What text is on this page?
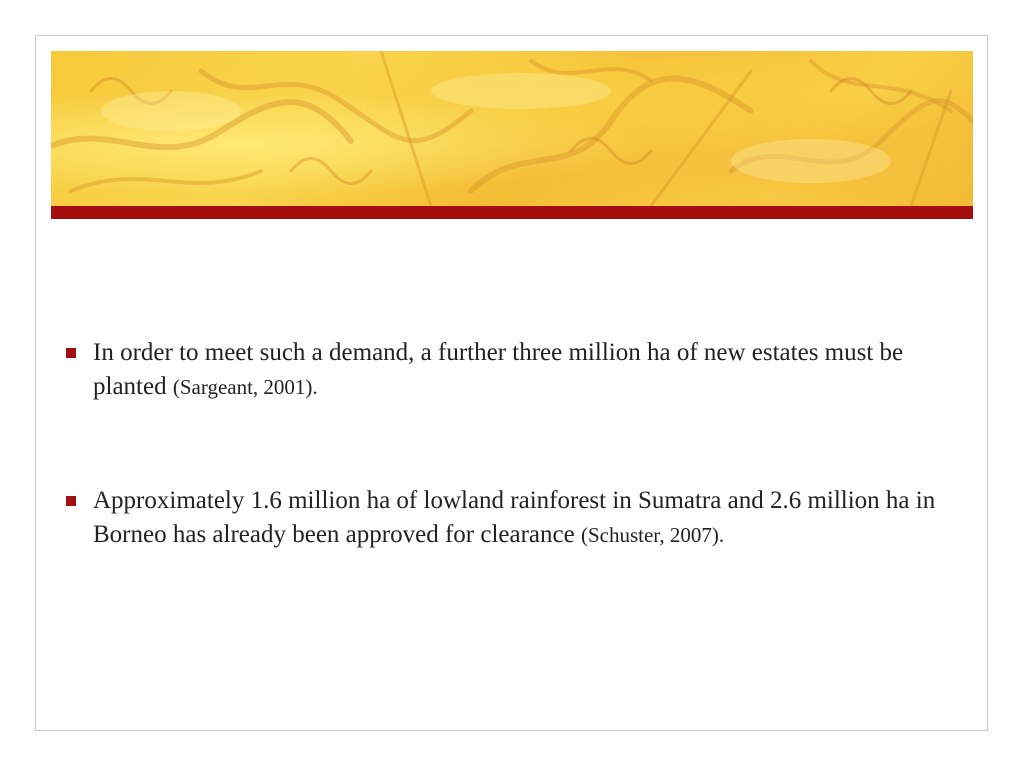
In order to meet such a demand, a further three million ha of new estates must be planted (Sargeant, 2001).

Approximately 1.6 million ha of lowland rainforest in Sumatra and 2.6 million ha in Borneo has already been approved for clearance (Schuster, 2007).
